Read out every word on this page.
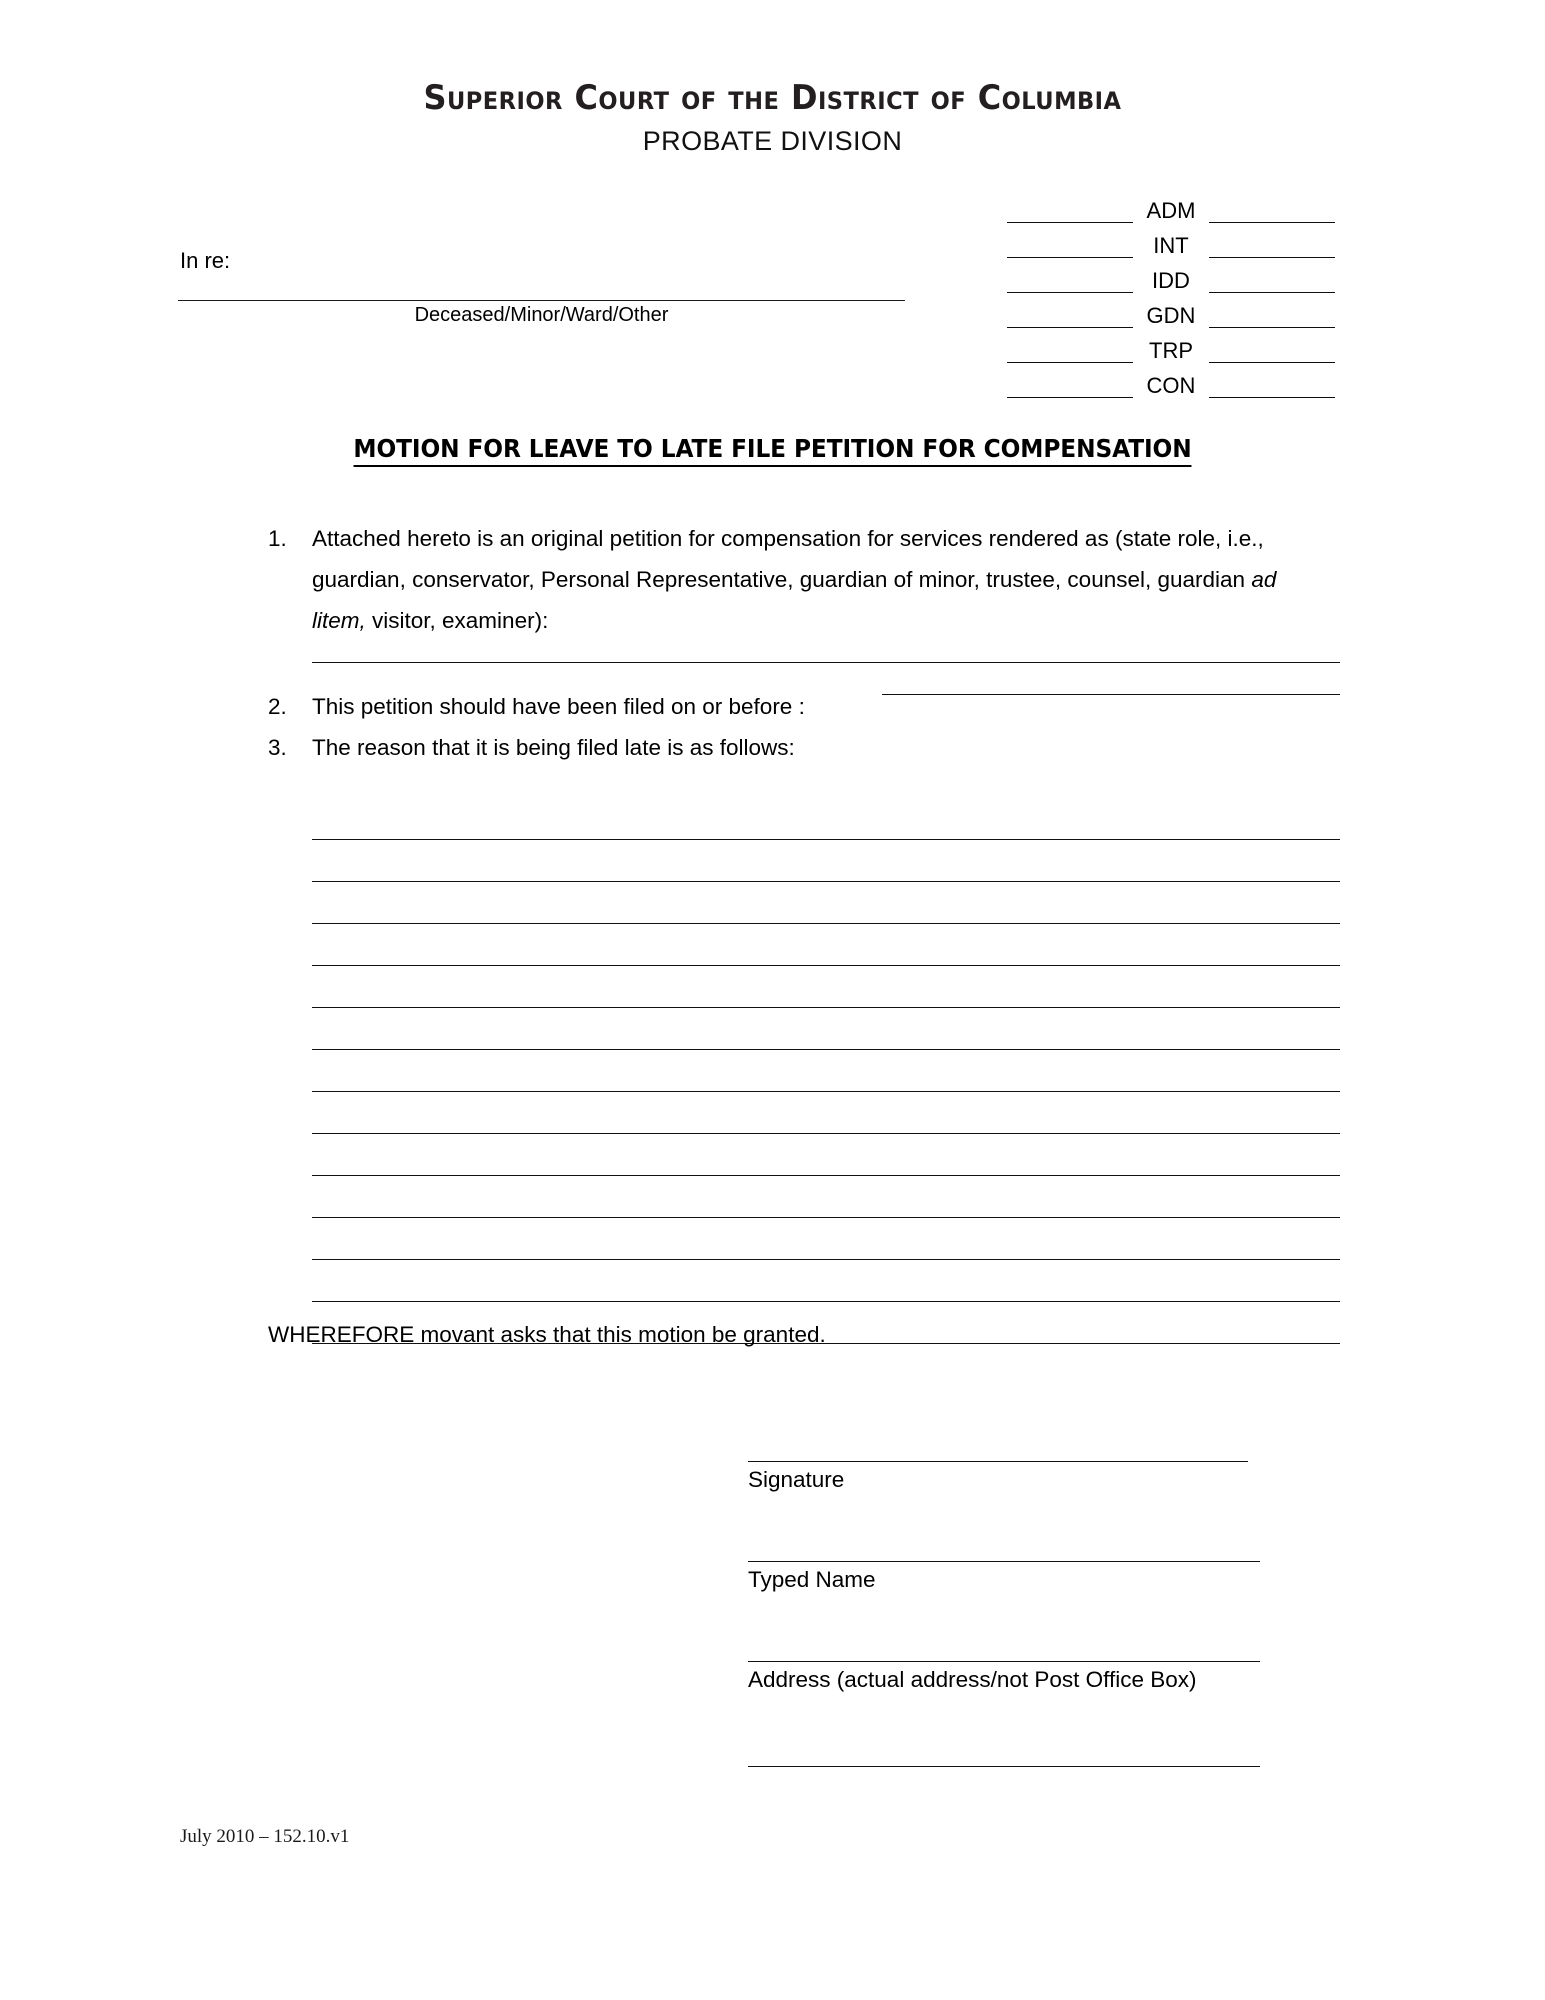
Superior Court of the District of Columbia
PROBATE DIVISION
In re:
Deceased/Minor/Ward/Other
ADM
INT
IDD
GDN
TRP
CON
MOTION FOR LEAVE TO LATE FILE PETITION FOR COMPENSATION
1.	Attached hereto is an original petition for compensation for services rendered as (state role, i.e., guardian, conservator, Personal Representative, guardian of minor, trustee, counsel, guardian ad litem, visitor, examiner):
2.	This petition should have been filed on or before :
3.	The reason that it is being filed late is as follows:
WHEREFORE movant asks that this motion be granted.
Signature
Typed Name
Address (actual address/not Post Office Box)
July 2010 – 152.10.v1
